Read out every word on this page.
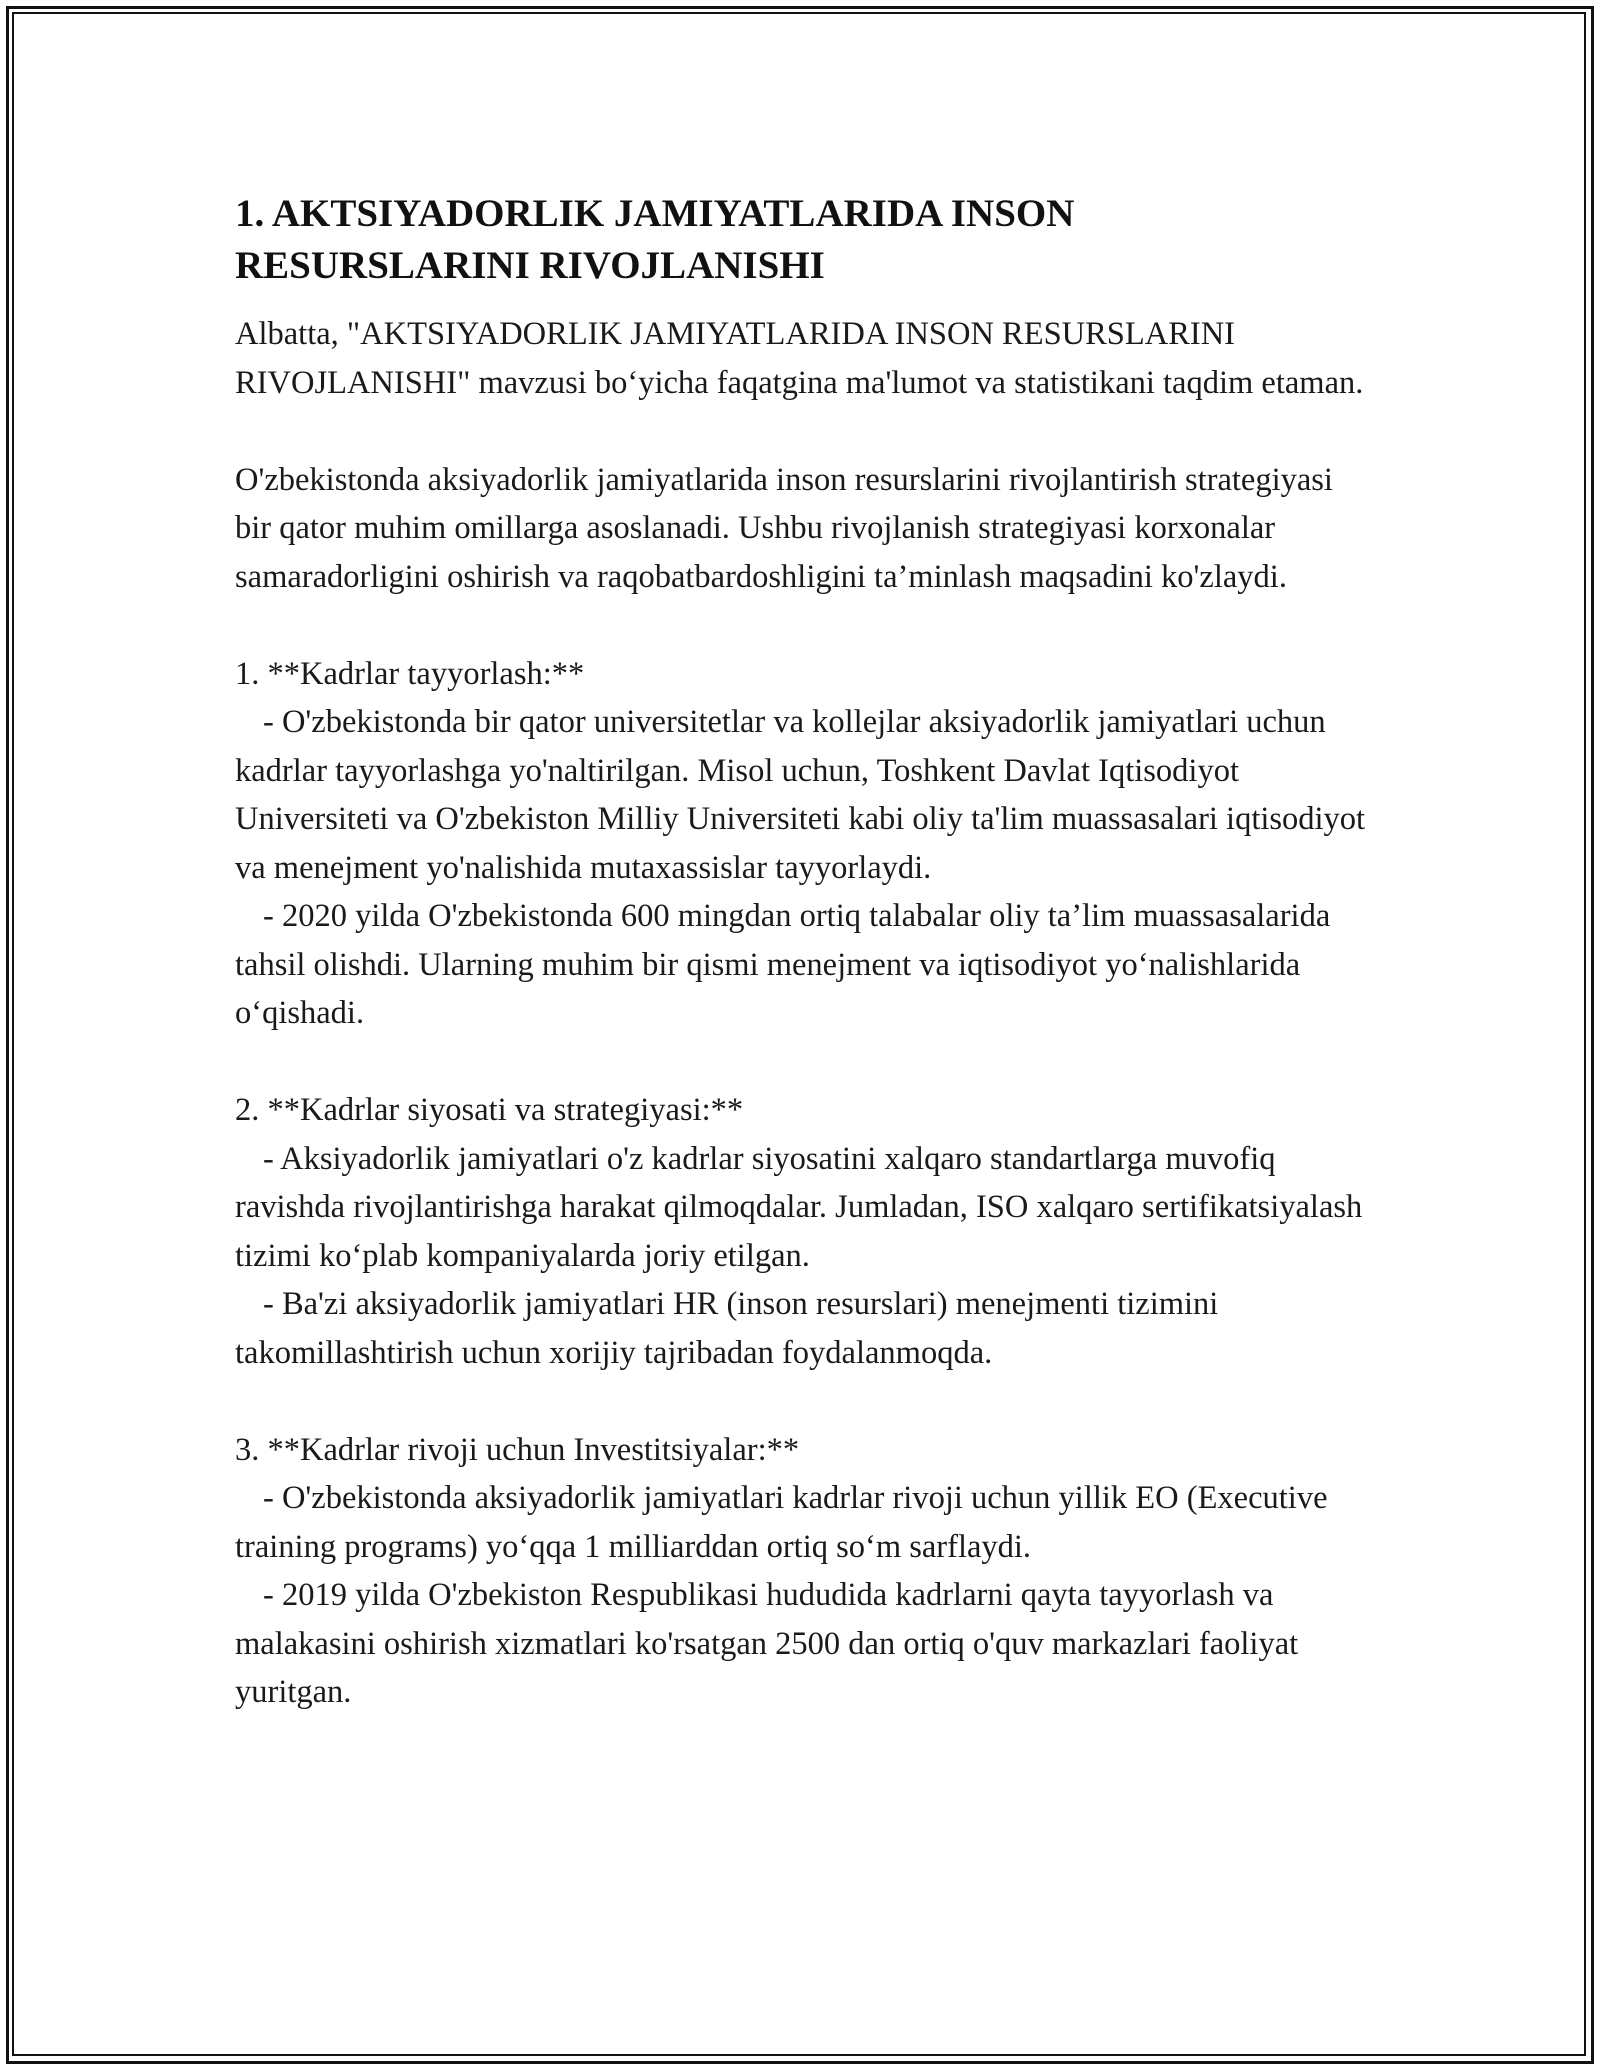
1. AKTSIYADORLIK JAMIYATLARIDA INSON RESURSLARINI RIVOJLANISHI

Albatta, "AKTSIYADORLIK JAMIYATLARIDA INSON RESURSLARINI RIVOJLANISHI" mavzusi bo‘yicha faqatgina ma'lumot va statistikani taqdim etaman.

O'zbekistonda aksiyadorlik jamiyatlarida inson resurslarini rivojlantirish strategiyasi bir qator muhim omillarga asoslanadi. Ushbu rivojlanish strategiyasi korxonalar samaradorligini oshirish va raqobatbardoshligini ta’minlash maqsadini ko'zlaydi.

1. **Kadrlar tayyorlash:**

- O'zbekistonda bir qator universitetlar va kollejlar aksiyadorlik jamiyatlari uchun kadrlar tayyorlashga yo'naltirilgan. Misol uchun, Toshkent Davlat Iqtisodiyot Universiteti va O'zbekiston Milliy Universiteti kabi oliy ta'lim muassasalari iqtisodiyot va menejment yo'nalishida mutaxassislar tayyorlaydi.

- 2020 yilda O'zbekistonda 600 mingdan ortiq talabalar oliy ta’lim muassasalarida tahsil olishdi. Ularning muhim bir qismi menejment va iqtisodiyot yo‘nalishlarida o‘qishadi.

2. **Kadrlar siyosati va strategiyasi:**

- Aksiyadorlik jamiyatlari o'z kadrlar siyosatini xalqaro standartlarga muvofiq ravishda rivojlantirishga harakat qilmoqdalar. Jumladan, ISO xalqaro sertifikatsiyalash tizimi ko‘plab kompaniyalarda joriy etilgan.

- Ba'zi aksiyadorlik jamiyatlari HR (inson resurslari) menejmenti tizimini takomillashtirish uchun xorijiy tajribadan foydalanmoqda.

3. **Kadrlar rivoji uchun Investitsiyalar:**

- O'zbekistonda aksiyadorlik jamiyatlari kadrlar rivoji uchun yillik EO (Executive training programs) yo‘qqa 1 milliarddan ortiq so‘m sarflaydi.

- 2019 yilda O'zbekiston Respublikasi hududida kadrlarni qayta tayyorlash va malakasini oshirish xizmatlari ko'rsatgan 2500 dan ortiq o'quv markazlari faoliyat yuritgan.
